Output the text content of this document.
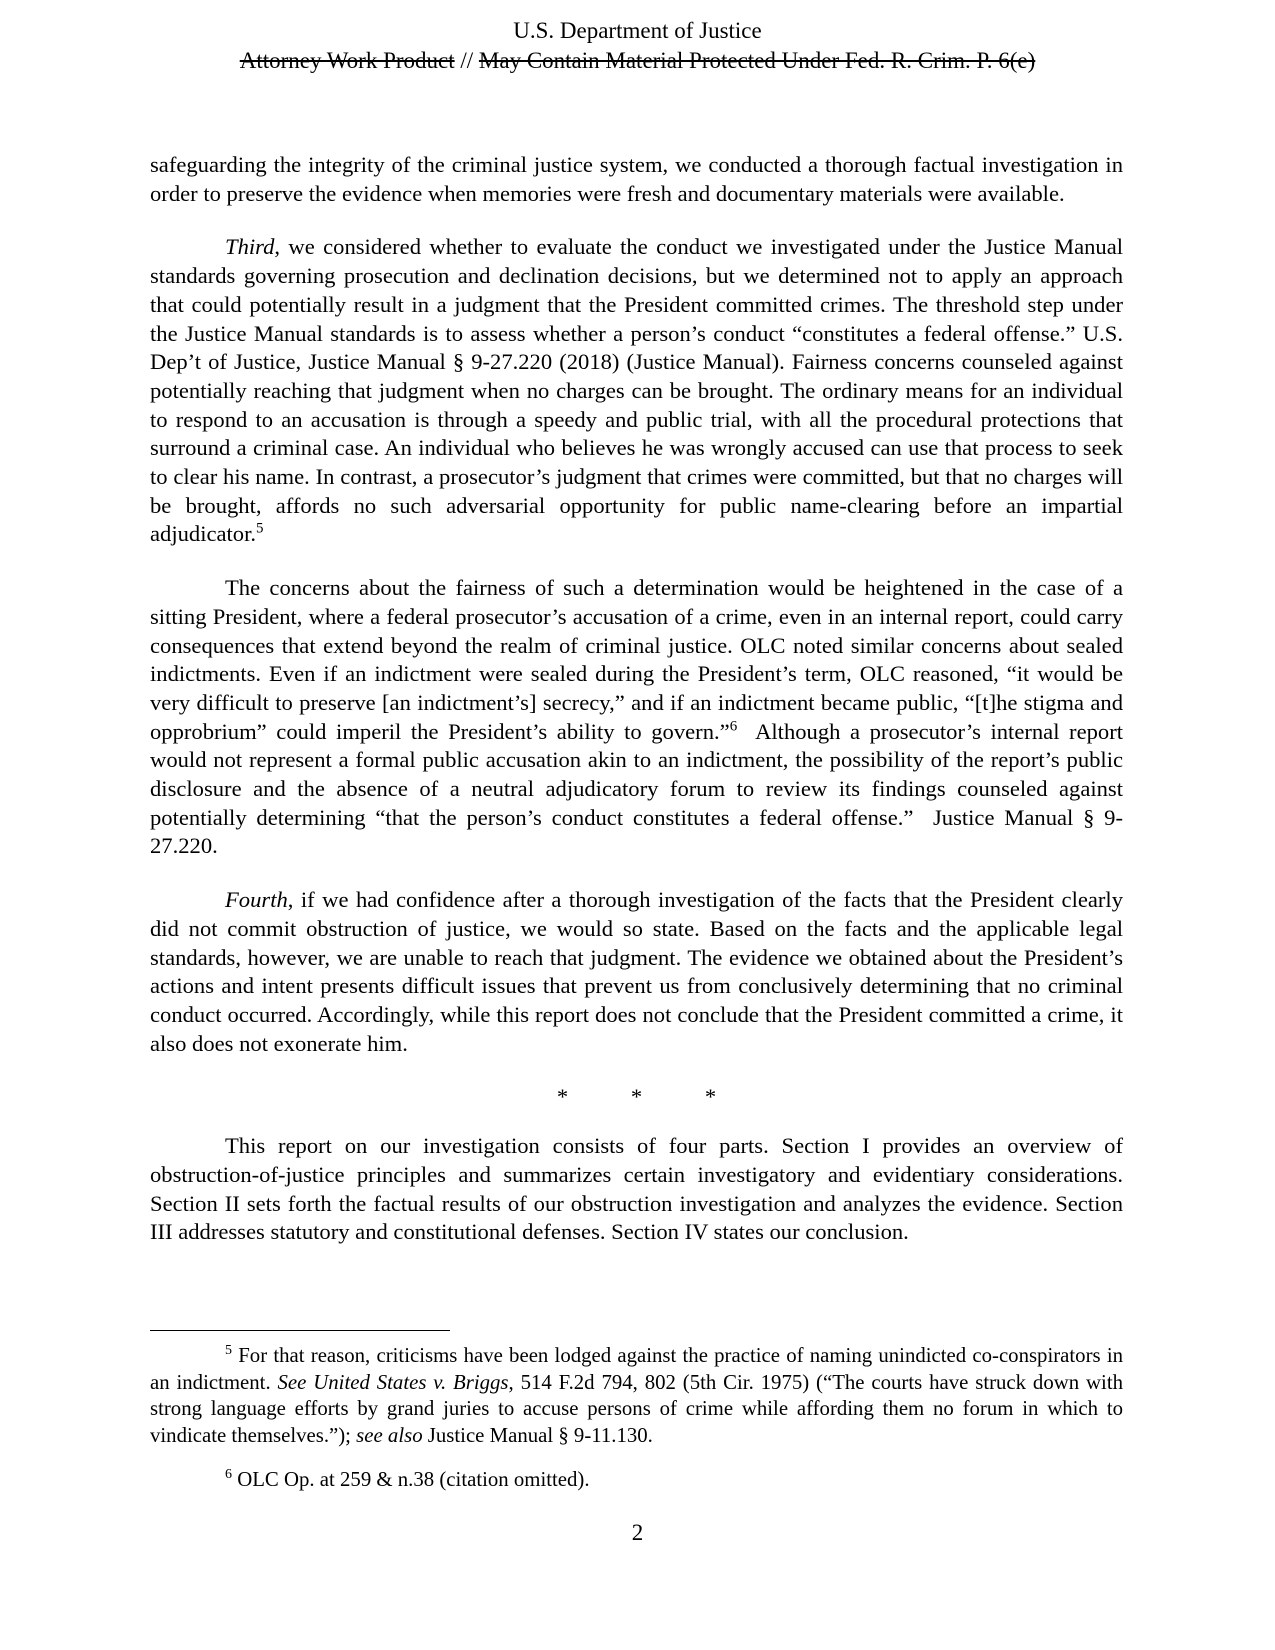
U.S. Department of Justice
Attorney Work Product // May Contain Material Protected Under Fed. R. Crim. P. 6(e)

safeguarding the integrity of the criminal justice system, we conducted a thorough factual investigation in order to preserve the evidence when memories were fresh and documentary materials were available.

Third, we considered whether to evaluate the conduct we investigated under the Justice Manual standards governing prosecution and declination decisions, but we determined not to apply an approach that could potentially result in a judgment that the President committed crimes. The threshold step under the Justice Manual standards is to assess whether a person’s conduct “constitutes a federal offense.” U.S. Dep’t of Justice, Justice Manual § 9-27.220 (2018) (Justice Manual). Fairness concerns counseled against potentially reaching that judgment when no charges can be brought. The ordinary means for an individual to respond to an accusation is through a speedy and public trial, with all the procedural protections that surround a criminal case. An individual who believes he was wrongly accused can use that process to seek to clear his name. In contrast, a prosecutor’s judgment that crimes were committed, but that no charges will be brought, affords no such adversarial opportunity for public name-clearing before an impartial adjudicator.$^5$

The concerns about the fairness of such a determination would be heightened in the case of a sitting President, where a federal prosecutor’s accusation of a crime, even in an internal report, could carry consequences that extend beyond the realm of criminal justice. OLC noted similar concerns about sealed indictments. Even if an indictment were sealed during the President’s term, OLC reasoned, “it would be very difficult to preserve [an indictment’s] secrecy,” and if an indictment became public, “[t]he stigma and opprobrium” could imperil the President’s ability to govern.”$^6$  Although a prosecutor’s internal report would not represent a formal public accusation akin to an indictment, the possibility of the report’s public disclosure and the absence of a neutral adjudicatory forum to review its findings counseled against potentially determining “that the person’s conduct constitutes a federal offense.”  Justice Manual § 9-27.220.

Fourth, if we had confidence after a thorough investigation of the facts that the President clearly did not commit obstruction of justice, we would so state. Based on the facts and the applicable legal standards, however, we are unable to reach that judgment. The evidence we obtained about the President’s actions and intent presents difficult issues that prevent us from conclusively determining that no criminal conduct occurred. Accordingly, while this report does not conclude that the President committed a crime, it also does not exonerate him.

*	*	*

This report on our investigation consists of four parts. Section I provides an overview of obstruction-of-justice principles and summarizes certain investigatory and evidentiary considerations. Section II sets forth the factual results of our obstruction investigation and analyzes the evidence. Section III addresses statutory and constitutional defenses. Section IV states our conclusion.

$^5$ For that reason, criticisms have been lodged against the practice of naming unindicted co-conspirators in an indictment. See United States v. Briggs, 514 F.2d 794, 802 (5th Cir. 1975) (“The courts have struck down with strong language efforts by grand juries to accuse persons of crime while affording them no forum in which to vindicate themselves.”); see also Justice Manual § 9-11.130.

$^6$ OLC Op. at 259 & n.38 (citation omitted).

2
